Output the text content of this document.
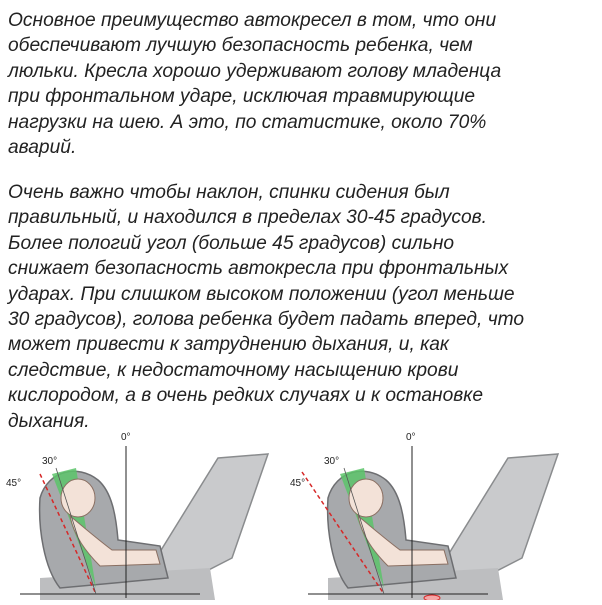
Основное преимущество автокресел в том, что они
обеспечивают лучшую безопасность ребенка, чем
люльки. Кресла хорошо удерживают голову младенца
при фронтальном ударе, исключая травмирующие
нагрузки на шею. А это, по статистике, около 70%
аварий.

Очень важно чтобы наклон, спинки сидения был
правильный, и находился в пределах 30-45 градусов.
Более пологий угол (больше 45 градусов) сильно
снижает безопасность автокресла при фронтальных
ударах. При слишком высоком положении (угол меньше
30 градусов), голова ребенка будет падать вперед, что
может привести к затруднению дыхания, и, как
следствие, к недостаточному насыщению крови
кислородом, а в очень редких случаях и к остановке
дыхания.

0°
30°
45°
0°
30°
45°
